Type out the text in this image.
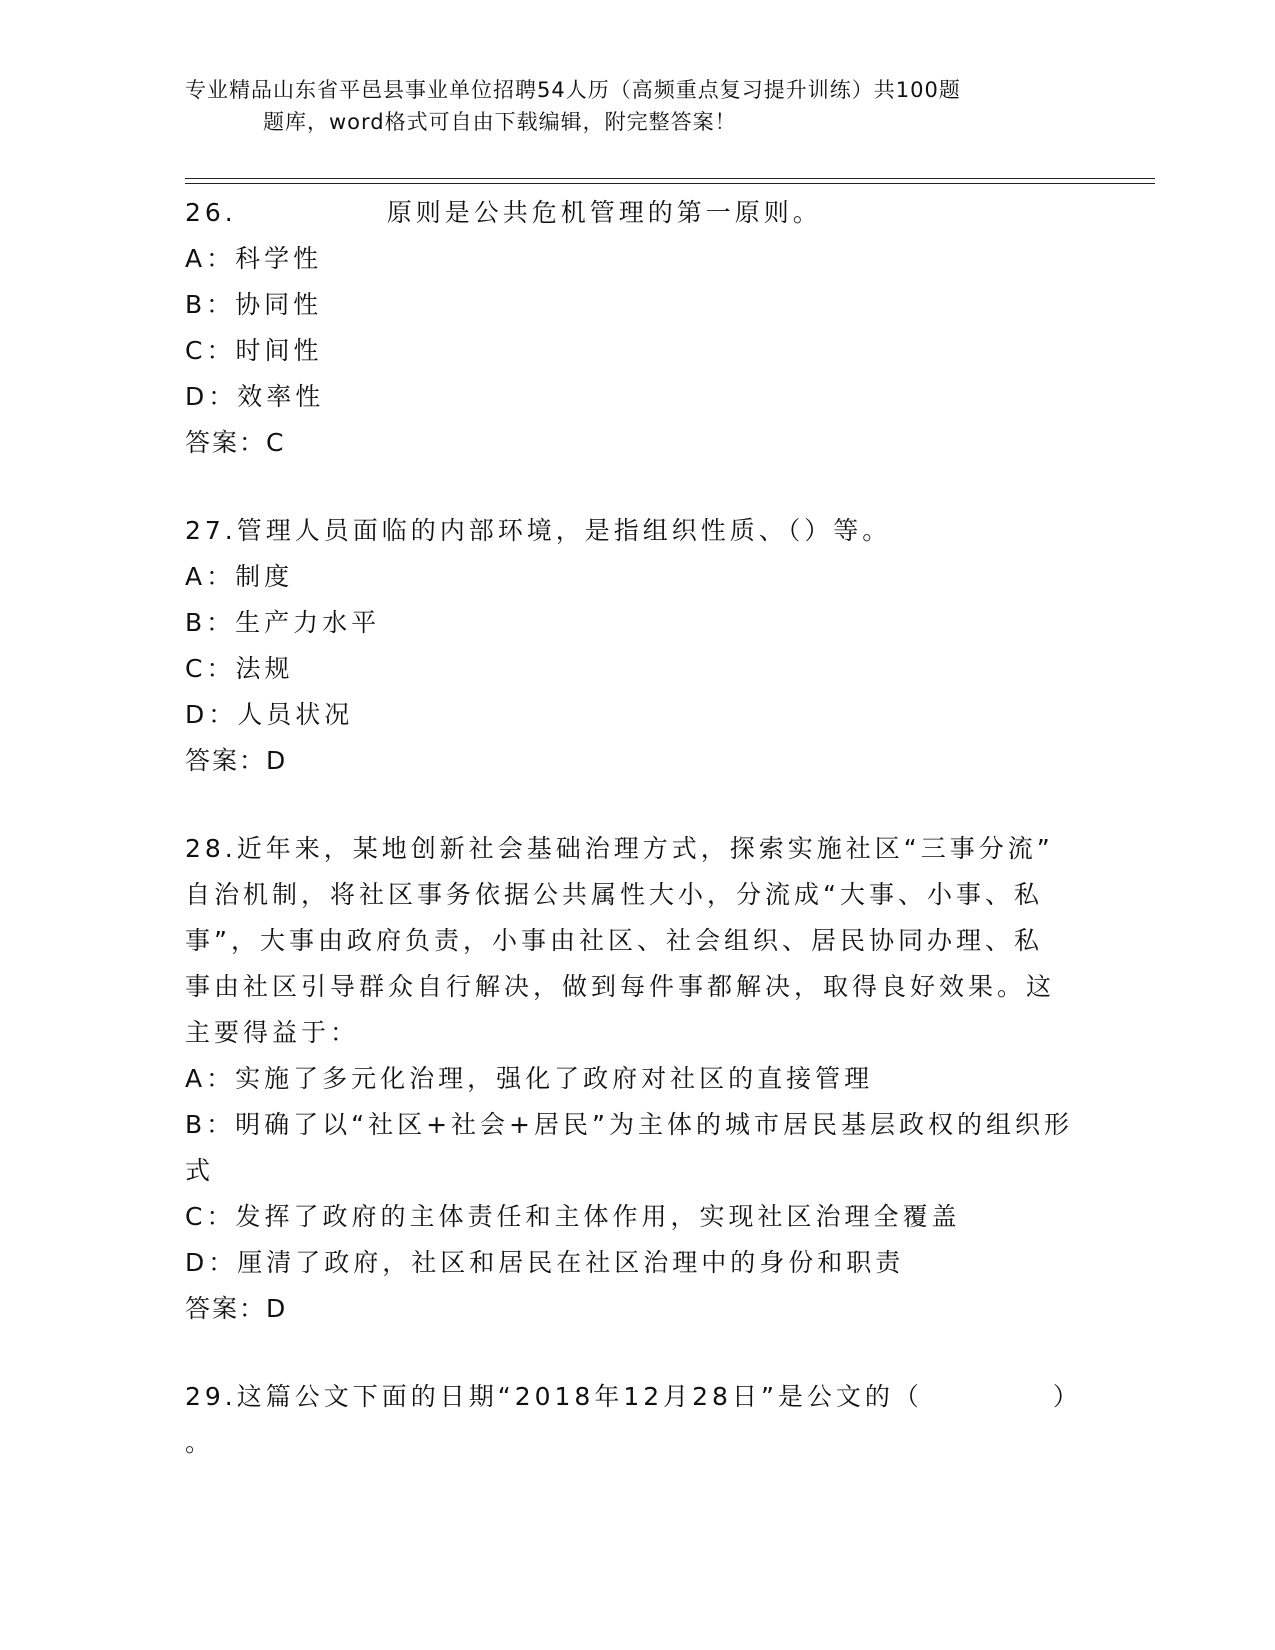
专业精品山东省平邑县事业单位招聘54人历（高频重点复习提升训练）共100题
题库，word格式可自由下载编辑，附完整答案！
26.	原则是公共危机管理的第一原则。
A：科学性
B：协同性
C：时间性
D：效率性
答案：C
27.管理人员面临的内部环境，是指组织性质、（）等。
A：制度
B：生产力水平
C：法规
D：人员状况
答案：D
28.近年来，某地创新社会基础治理方式，探索实施社区“三事分流”
自治机制，将社区事务依据公共属性大小，分流成“大事、小事、私
事”，大事由政府负责，小事由社区、社会组织、居民协同办理、私
事由社区引导群众自行解决，做到每件事都解决，取得良好效果。这
主要得益于：
A：实施了多元化治理，强化了政府对社区的直接管理
B：明确了以“社区+社会+居民”为主体的城市居民基层政权的组织形
式
C：发挥了政府的主体责任和主体作用，实现社区治理全覆盖
D：厘清了政府，社区和居民在社区治理中的身份和职责
答案：D
29.这篇公文下面的日期“2018年12月28日”是公文的（	）
。
